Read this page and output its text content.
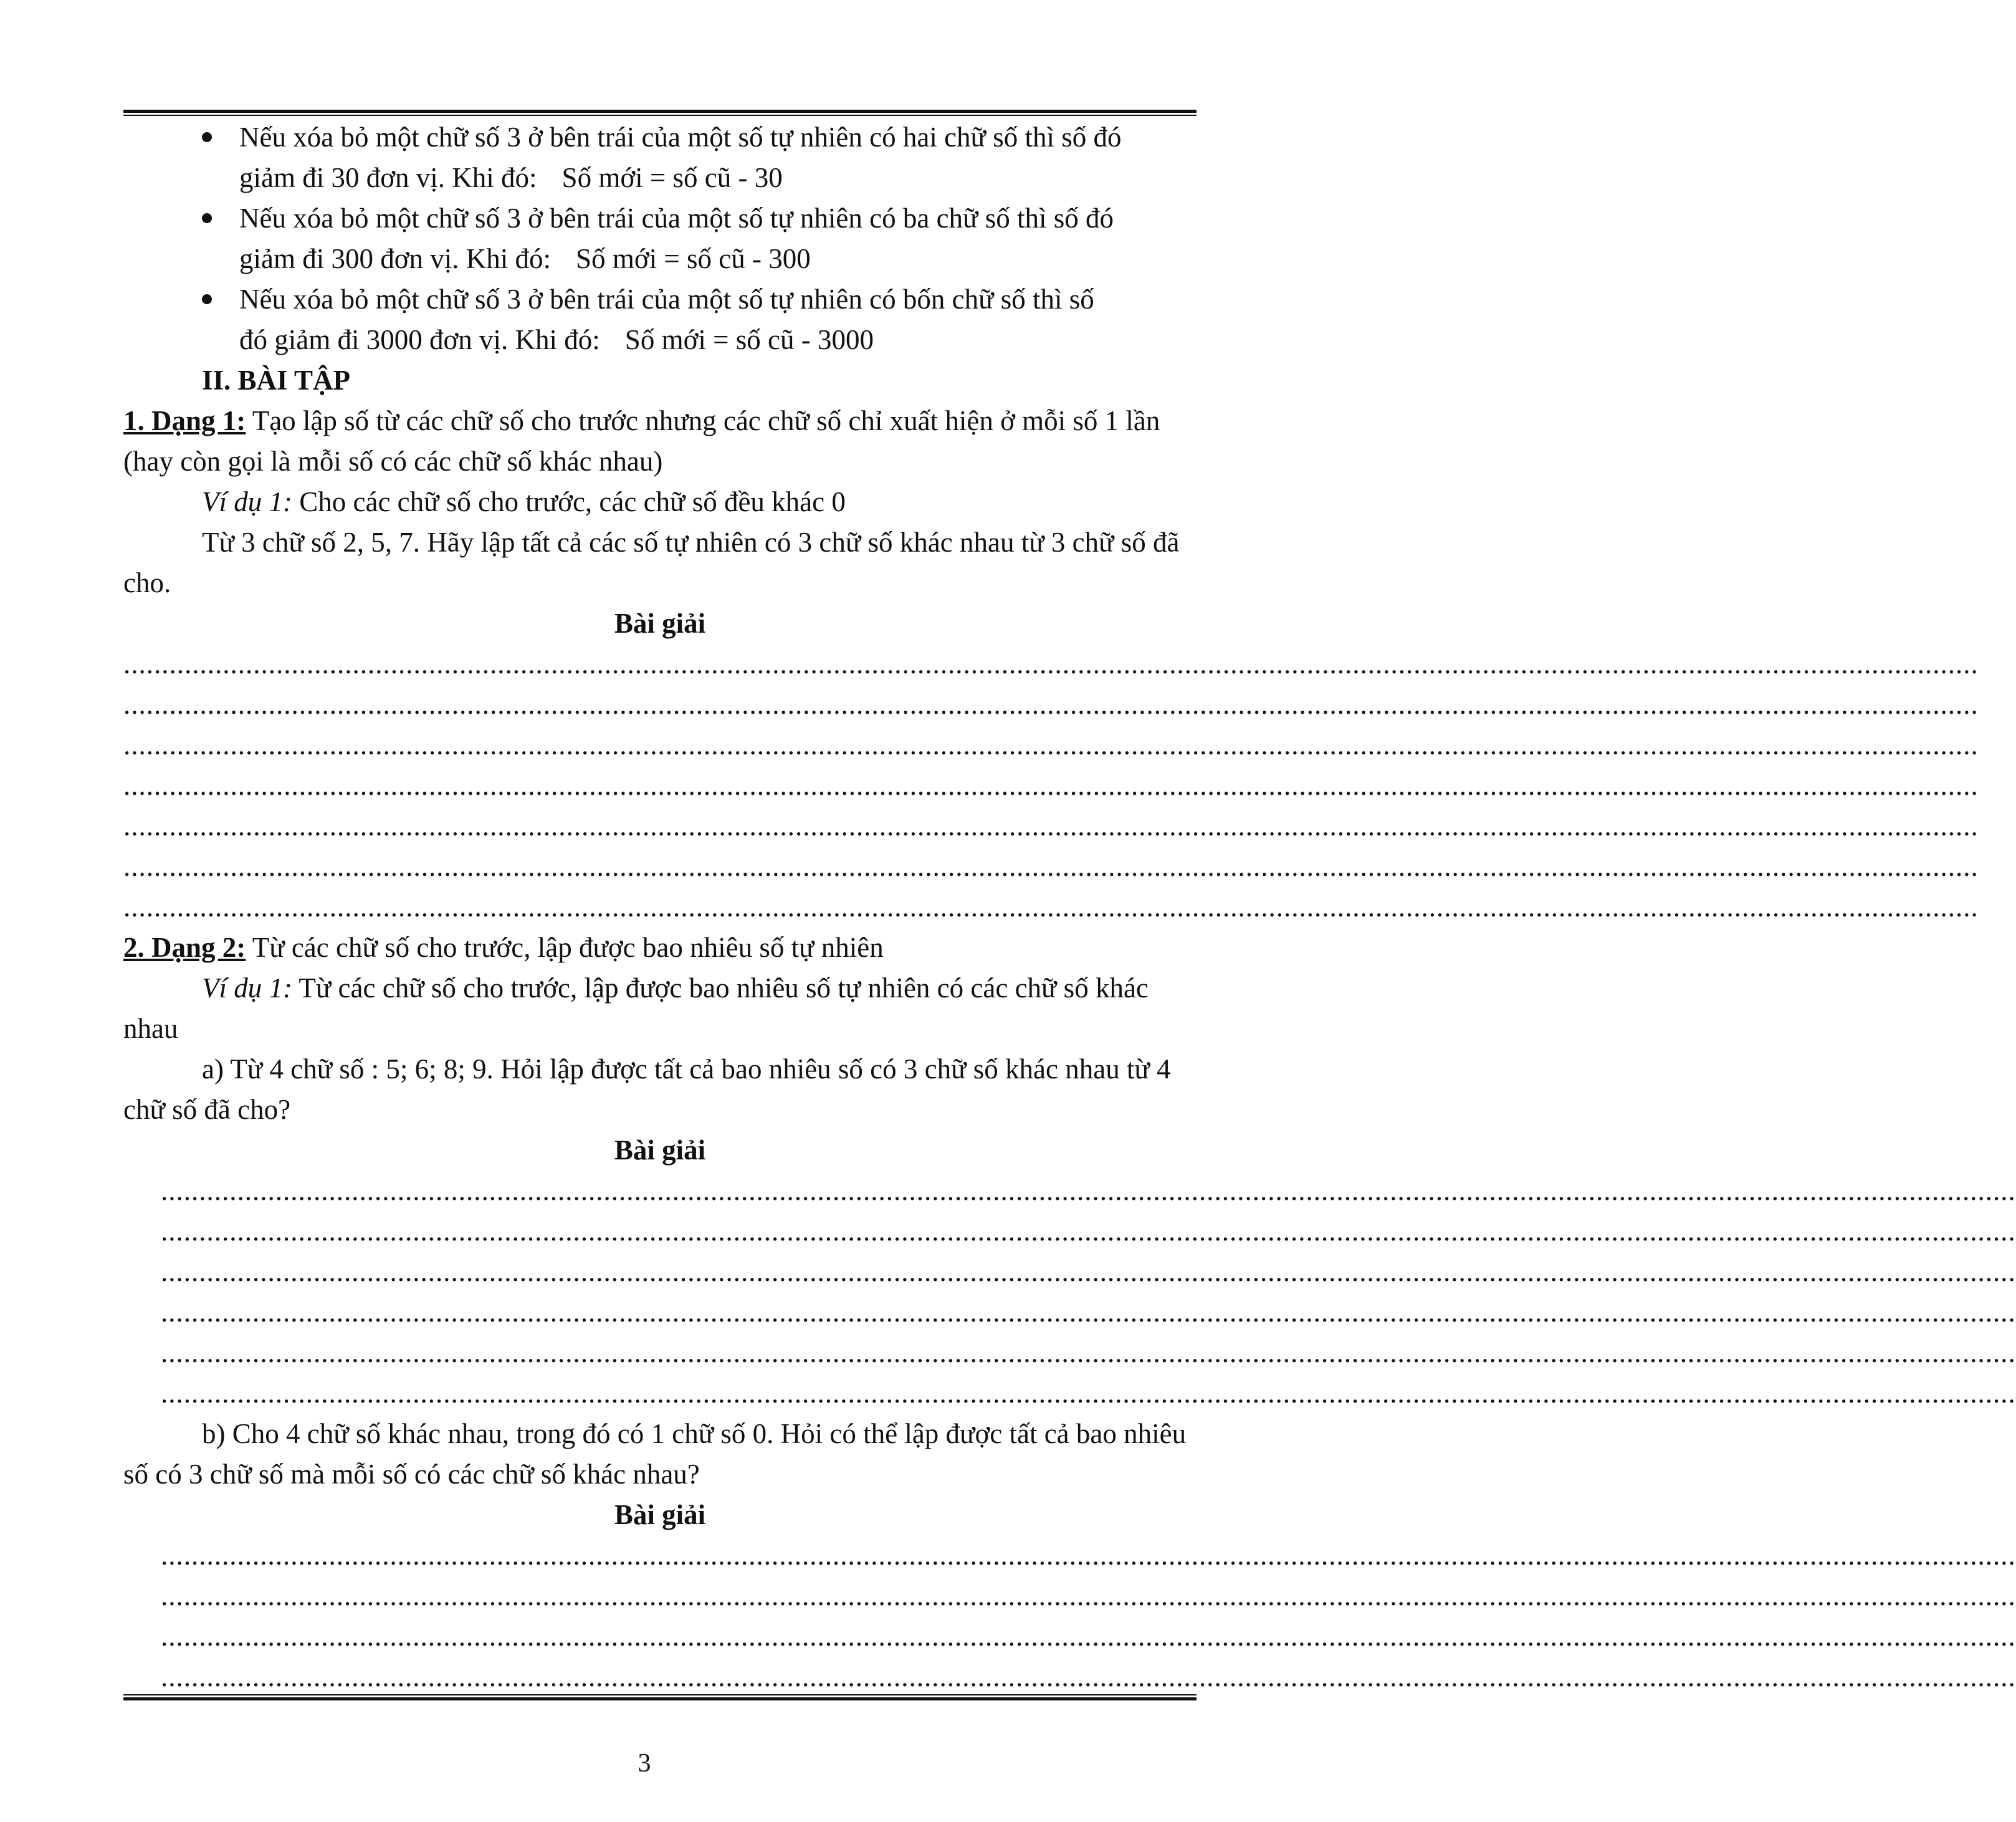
Nếu xóa bỏ một chữ số 3 ở bên trái của một số tự nhiên có hai chữ số thì số đó
giảm đi 30 đơn vị. Khi đó: Số mới = số cũ - 30
Nếu xóa bỏ một chữ số 3 ở bên trái của một số tự nhiên có ba chữ số thì số đó
giảm đi 300 đơn vị. Khi đó: Số mới = số cũ - 300
Nếu xóa bỏ một chữ số 3 ở bên trái của một số tự nhiên có bốn chữ số thì số
đó giảm đi 3000 đơn vị. Khi đó: Số mới = số cũ - 3000
II. BÀI TẬP

1. Dạng 1: Tạo lập số từ các chữ số cho trước nhưng các chữ số chỉ xuất hiện ở mỗi số 1 lần (hay còn gọi là mỗi số có các chữ số khác nhau)

Ví dụ 1: Cho các chữ số cho trước, các chữ số đều khác 0

Từ 3 chữ số 2, 5, 7. Hãy lập tất cả các số tự nhiên có 3 chữ số khác nhau từ 3 chữ số đã cho.

Bài giải
...................................................................................................................................................................................................................................................
...................................................................................................................................................................................................................................................
...................................................................................................................................................................................................................................................
...................................................................................................................................................................................................................................................
...................................................................................................................................................................................................................................................
...................................................................................................................................................................................................................................................
...................................................................................................................................................................................................................................................

2. Dạng 2: Từ các chữ số cho trước, lập được bao nhiêu số tự nhiên

Ví dụ 1: Từ các chữ số cho trước, lập được bao nhiêu số tự nhiên có các chữ số khác nhau

a) Từ 4 chữ số : 5; 6; 8; 9. Hỏi lập được tất cả bao nhiêu số có 3 chữ số khác nhau từ 4 chữ số đã cho?

Bài giải
...................................................................................................................................................................................................................................................
...................................................................................................................................................................................................................................................
...................................................................................................................................................................................................................................................
...................................................................................................................................................................................................................................................
...................................................................................................................................................................................................................................................
...................................................................................................................................................................................................................................................

b) Cho 4 chữ số khác nhau, trong đó có 1 chữ số 0. Hỏi có thể lập được tất cả bao nhiêu số có 3 chữ số mà mỗi số có các chữ số khác nhau?

Bài giải
...................................................................................................................................................................................................................................................
...................................................................................................................................................................................................................................................
...................................................................................................................................................................................................................................................
...................................................................................................................................................................................................................................................
3
